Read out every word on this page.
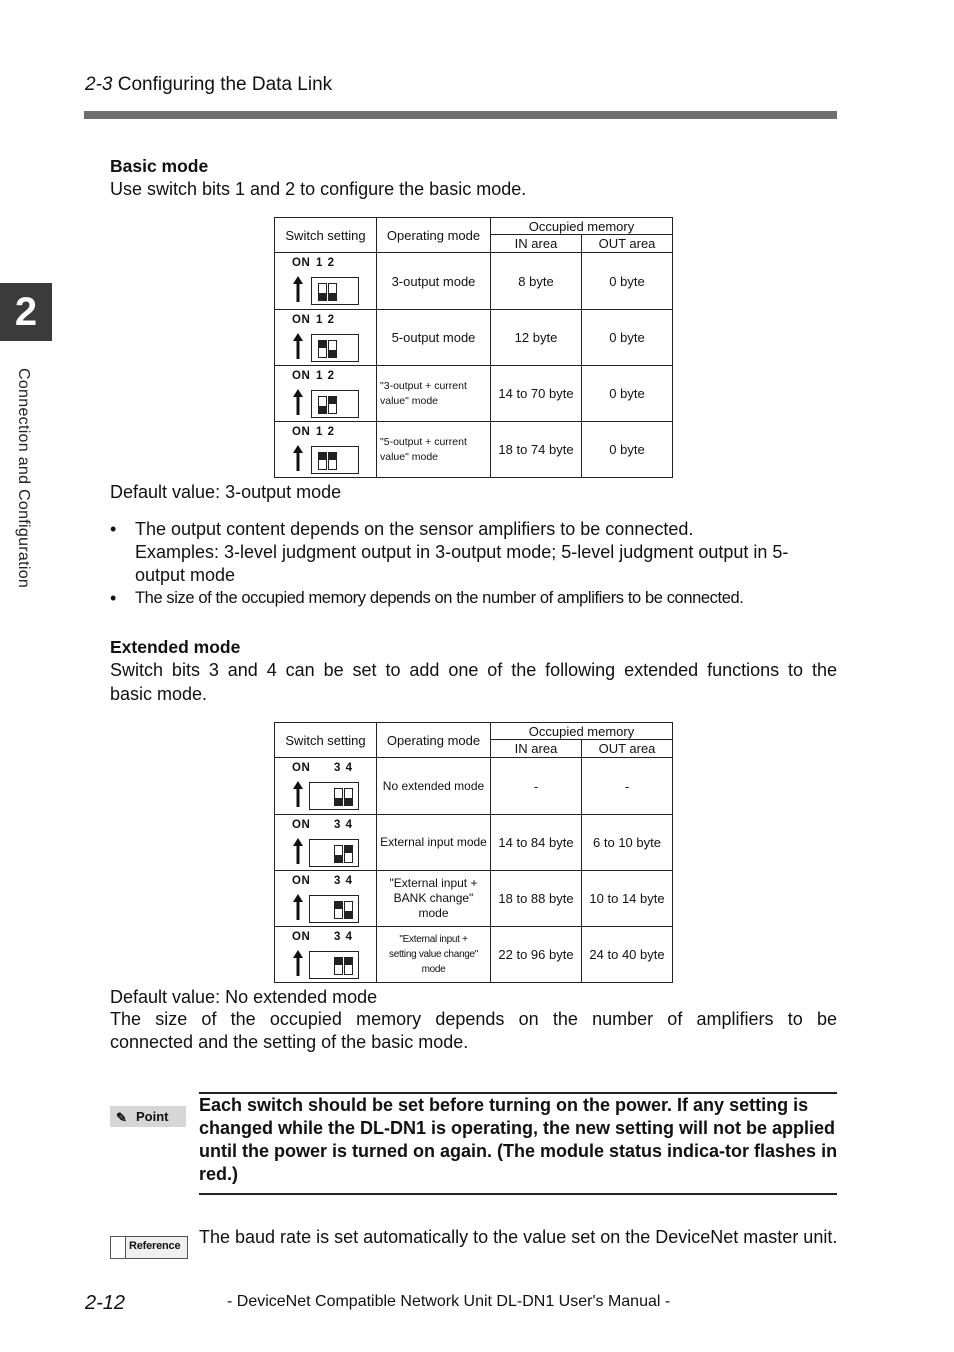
2-3 Configuring the Data Link
2
Connection and Configuration
Basic mode
Use switch bits 1 and 2 to configure the basic mode.
Switch setting	Operating mode	Occupied memory	
		IN area	OUT area

ON 1 2	3-output mode	8 byte	0 byte

ON 1 2	5-output mode	12 byte	0 byte

ON 1 2	"3-output + current value" mode	14 to 70 byte	0 byte

ON 1 2	"5-output + current value" mode	18 to 74 byte	0 byte
Default value: 3-output mode
• The output content depends on the sensor amplifiers to be connected.
Examples: 3-level judgment output in 3-output mode; 5-level judgment output in 5-
output mode
• The size of the occupied memory depends on the number of amplifiers to be connected.
Extended mode
Switch bits 3 and 4 can be set to add one of the following extended functions to the
basic mode.
Switch setting	Operating mode	Occupied memory	
		IN area	OUT area

ON 3 4	No extended mode	-	-

ON 3 4	External input mode	14 to 84 byte	6 to 10 byte

ON 3 4	"External input + BANK change" mode	18 to 88 byte	10 to 14 byte

ON 3 4	"External input + setting value change" mode	22 to 96 byte	24 to 40 byte
Default value: No extended mode
The size of the occupied memory depends on the number of amplifiers to be
connected and the setting of the basic mode.
✎ Point
Each switch should be set before turning on the power. If any setting is changed while the DL-DN1 is operating, the new setting will not be applied until the power is turned on again. (The module status indica-tor flashes in red.)
Reference The baud rate is set automatically to the value set on the DeviceNet master unit.
2-12	- DeviceNet Compatible Network Unit DL-DN1 User's Manual -
